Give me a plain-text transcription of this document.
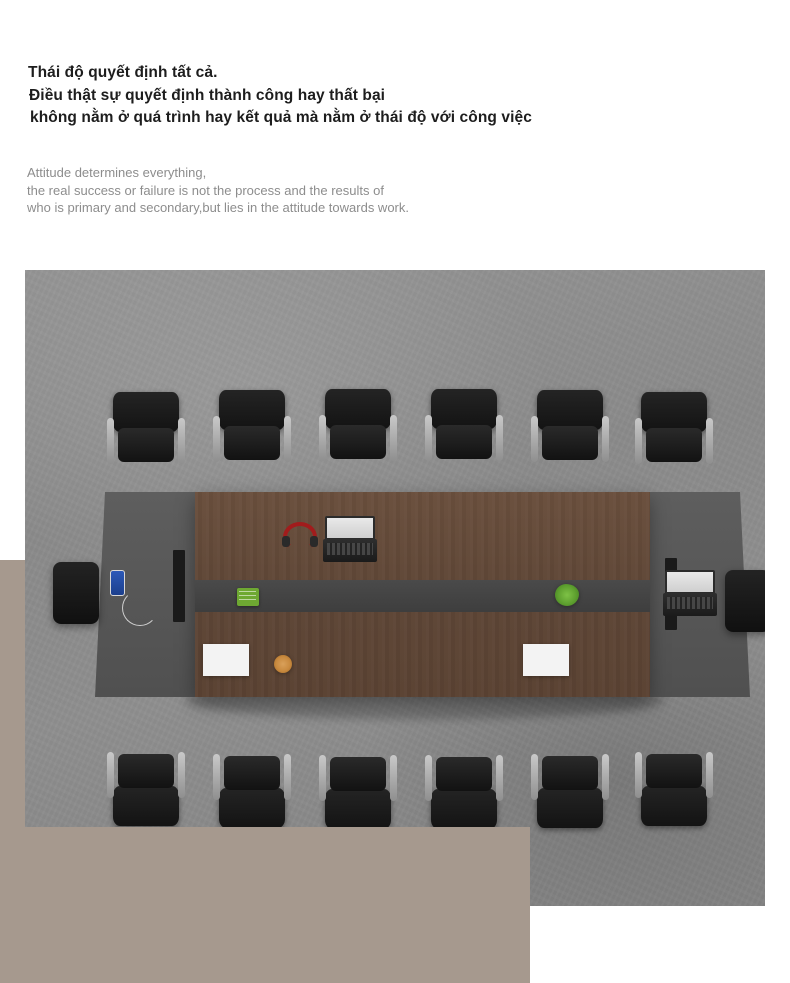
Thái độ quyết định tất cả.
Điều thật sự quyết định thành công hay thất bại
không nằm ở quá trình hay kết quả mà nằm ở thái độ với công việc
Attitude determines everything,
the real success or failure is not the process and the results of
who is primary and secondary,but lies in the attitude towards work.
